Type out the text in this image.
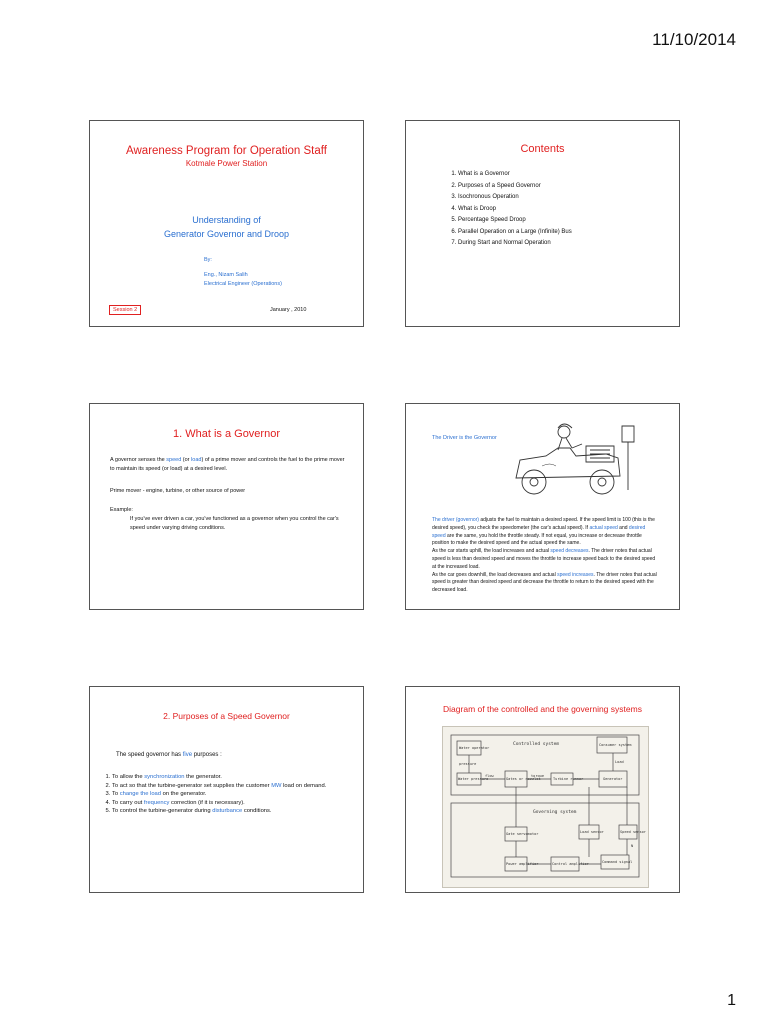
11/10/2014
Awareness Program for Operation Staff
Kotmale Power Station
Understanding of
Generator Governor and Droop
By:
Eng., Nizam Salih
Electrical Engineer (Operations)
January , 2010
Session 2
Contents
1. What is a Governor
2. Purposes of a Speed Governor
3. Isochronous Operation
4. What is Droop
5. Percentage Speed Droop
6. Parallel Operation on a Large (Infinite) Bus
7. During Start and Normal Operation
1. What is a Governor
A governor senses the speed (or load) of a prime mover and controls the fuel to the prime mover to maintain its speed (or load) at a desired level.
Prime mover - engine, turbine, or other source of power
Example:
If you've ever driven a car, you've functioned as a governor when you control the car's speed under varying driving conditions.
The Driver is the Governor
The driver (governor) adjusts the fuel to maintain a desired speed. If the speed limit is 100 (this is the desired speed), you check the speedometer (the car's actual speed). If actual speed and desired speed are the same, you hold the throttle steady. If not equal, you increase or decrease throttle position to make the desired speed and the actual speed the same.
As the car starts uphill, the load increases and actual speed decreases. The driver notes that actual speed is less than desired speed and moves the throttle to increase speed back to the desired speed at the increased load.
As the car goes downhill, the load decreases and actual speed increases. The driver notes that actual speed is greater than desired speed and decrease the throttle to return to the desired speed with the decreased load.
2. Purposes of a Speed Governor
The speed governor has five purposes :
1. To allow the synchronization the generator.
2. To act so that the turbine-generator set supplies the customer MW load on demand.
3. To change the load on the generator.
4. To carry out frequency correction (if it is necessary).
5. To control the turbine-generator during disturbance conditions.
Diagram of the controlled and the governing systems
Controlled system
Governing system
Water operator
Consumer system
Water pressure	Gates or nozzles	Turbine runner	Generator
Gate servomotor	Load sensor	Speed sensor
Power amplifier	Control amplifier	Command signal
pressure
flow	torque
Load
N
1
